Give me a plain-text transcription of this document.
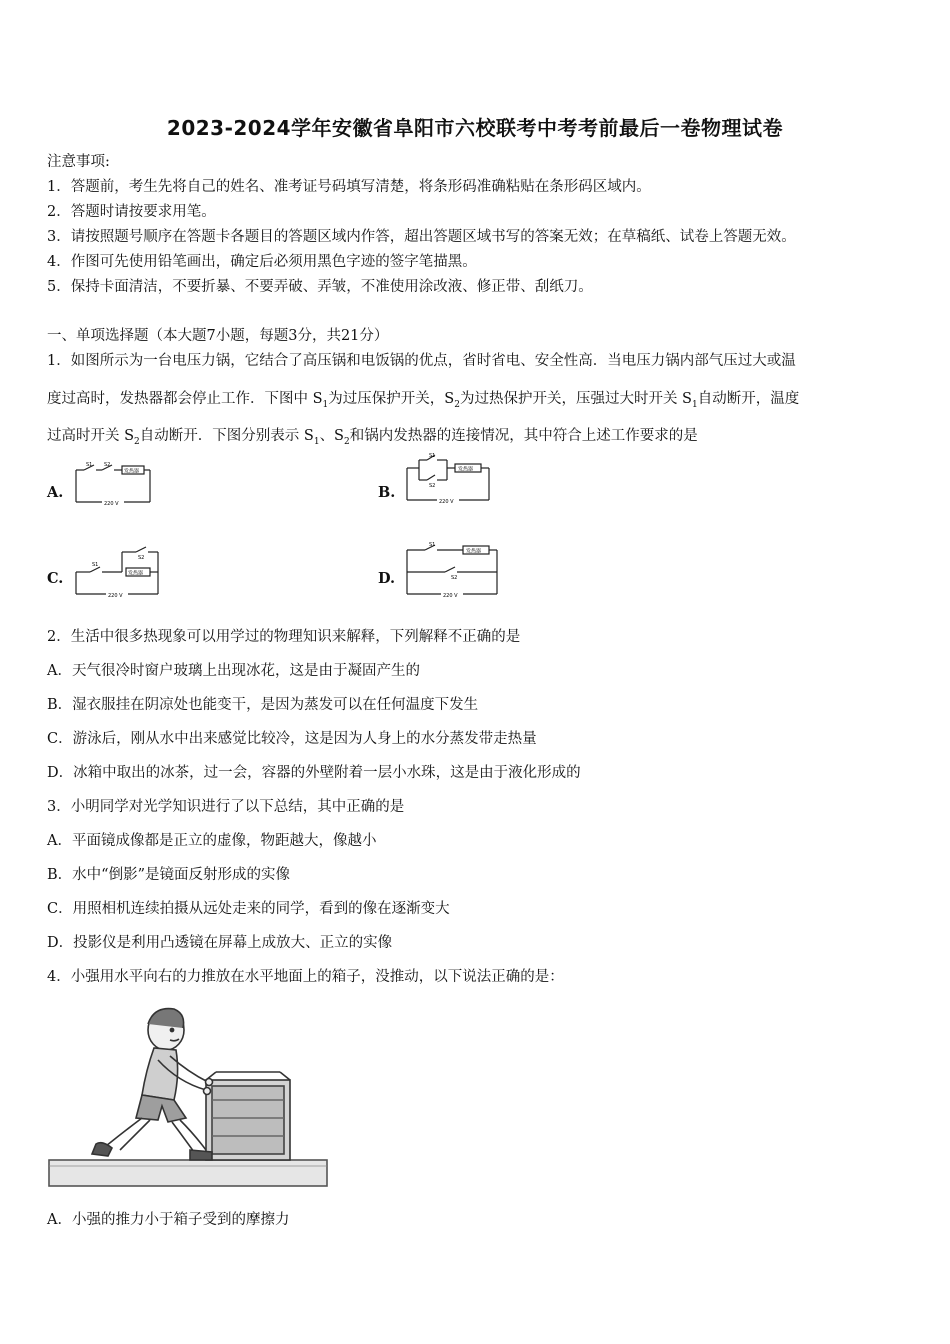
2023-2024学年安徽省阜阳市六校联考中考考前最后一卷物理试卷
注意事项:
1．答题前，考生先将自己的姓名、准考证号码填写清楚，将条形码准确粘贴在条形码区域内。
2．答题时请按要求用笔。
3．请按照题号顺序在答题卡各题目的答题区域内作答，超出答题区域书写的答案无效；在草稿纸、试卷上答题无效。
4．作图可先使用铅笔画出，确定后必须用黑色字迹的签字笔描黑。
5．保持卡面清洁，不要折暴、不要弄破、弄皱，不准使用涂改液、修正带、刮纸刀。
一、单项选择题（本大题7小题，每题3分，共21分）
1．如图所示为一台电压力锅，它结合了高压锅和电饭锅的优点，省时省电、安全性高．当电压力锅内部气压过大或温
度过高时，发热器都会停止工作．下图中 $S_1$为过压保护开关，$S_2$为过热保护开关，压强过大时开关 $S_1$自动断开，温度
过高时开关 $S_2$自动断开．下图分别表示 $S_1$、$S_2$和锅内发热器的连接情况，其中符合上述工作要求的是
A.
S1 S2
发热器
220 V
B.
S1
S2
发热器
220 V
C.
S1
S2
发热器
220 V
D.
S1
S2
发热器
220 V
2．生活中很多热现象可以用学过的物理知识来解释，下列解释不正确的是
A．天气很冷时窗户玻璃上出现冰花，这是由于凝固产生的
B．湿衣服挂在阴凉处也能变干，是因为蒸发可以在任何温度下发生
C．游泳后，刚从水中出来感觉比较冷，这是因为人身上的水分蒸发带走热量
D．冰箱中取出的冰茶，过一会，容器的外壁附着一层小水珠，这是由于液化形成的
3．小明同学对光学知识进行了以下总结，其中正确的是
A．平面镜成像都是正立的虚像，物距越大，像越小
B．水中“倒影”是镜面反射形成的实像
C．用照相机连续拍摄从远处走来的同学，看到的像在逐渐变大
D．投影仪是利用凸透镜在屏幕上成放大、正立的实像
4．小强用水平向右的力推放在水平地面上的箱子，没推动，以下说法正确的是：
A．小强的推力小于箱子受到的摩擦力
